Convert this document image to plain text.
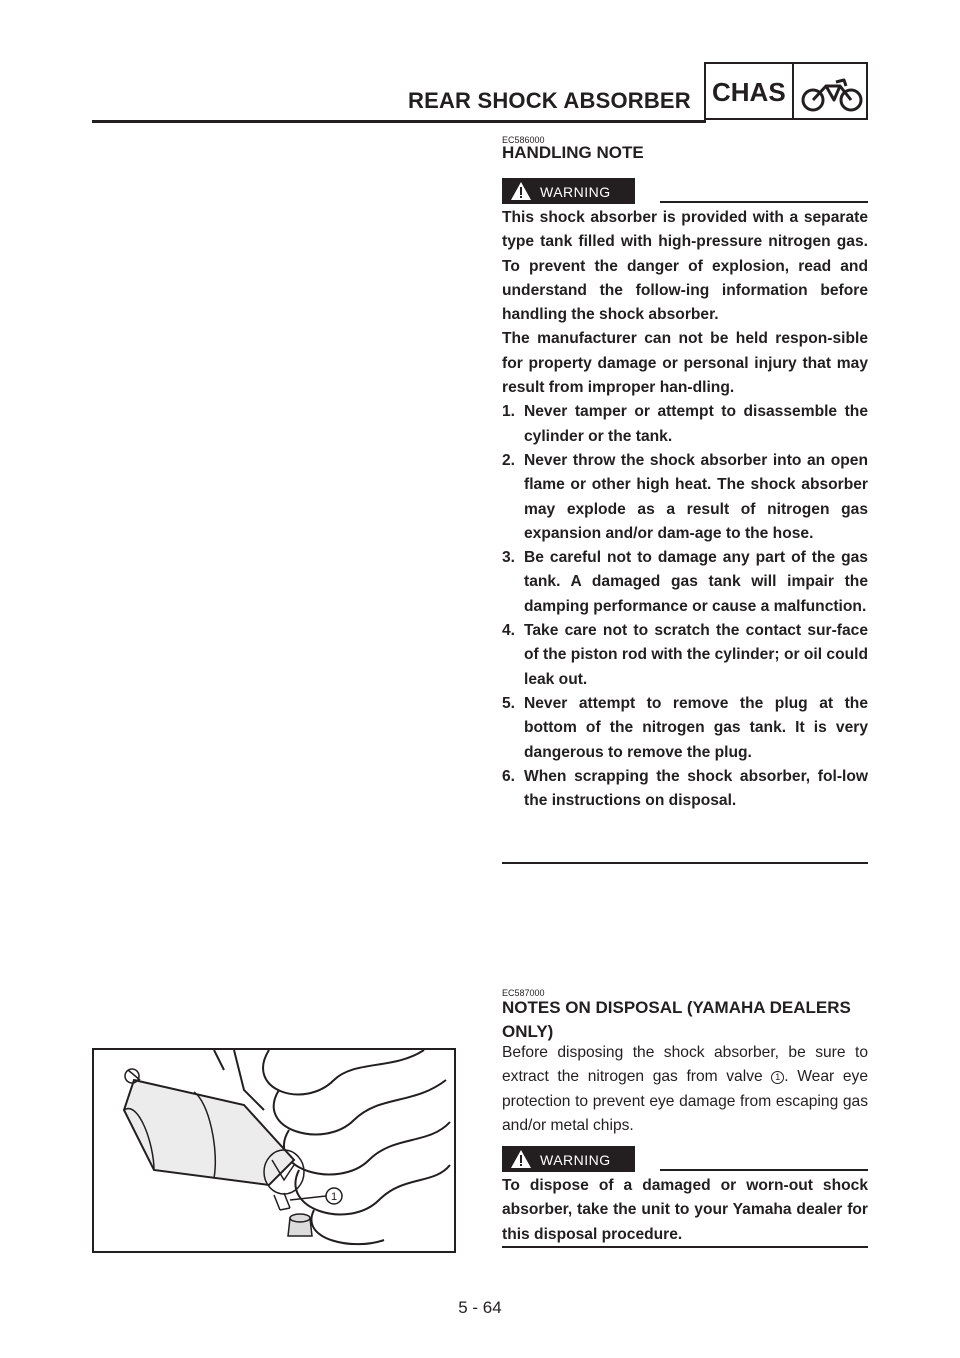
REAR SHOCK ABSORBER CHAS
EC586000
HANDLING NOTE
WARNING

This shock absorber is provided with a separate type tank filled with high-pressure nitrogen gas. To prevent the danger of explosion, read and understand the follow-ing information before handling the shock absorber.

The manufacturer can not be held respon-sible for property damage or personal injury that may result from improper han-dling.

1. Never tamper or attempt to disassemble the cylinder or the tank.
2. Never throw the shock absorber into an open flame or other high heat. The shock absorber may explode as a result of nitrogen gas expansion and/or dam-age to the hose.
3. Be careful not to damage any part of the gas tank. A damaged gas tank will impair the damping performance or cause a malfunction.
4. Take care not to scratch the contact sur-face of the piston rod with the cylinder; or oil could leak out.
5. Never attempt to remove the plug at the bottom of the nitrogen gas tank. It is very dangerous to remove the plug.
6. When scrapping the shock absorber, fol-low the instructions on disposal.
EC587000
NOTES ON DISPOSAL (YAMAHA DEALERS
ONLY)
Before disposing the shock absorber, be sure to extract the nitrogen gas from valve 1 . Wear eye protection to prevent eye damage from escaping gas and/or metal chips.
WARNING

To dispose of a damaged or worn-out shock absorber, take the unit to your Yamaha dealer for this disposal procedure.

1
5 - 64
